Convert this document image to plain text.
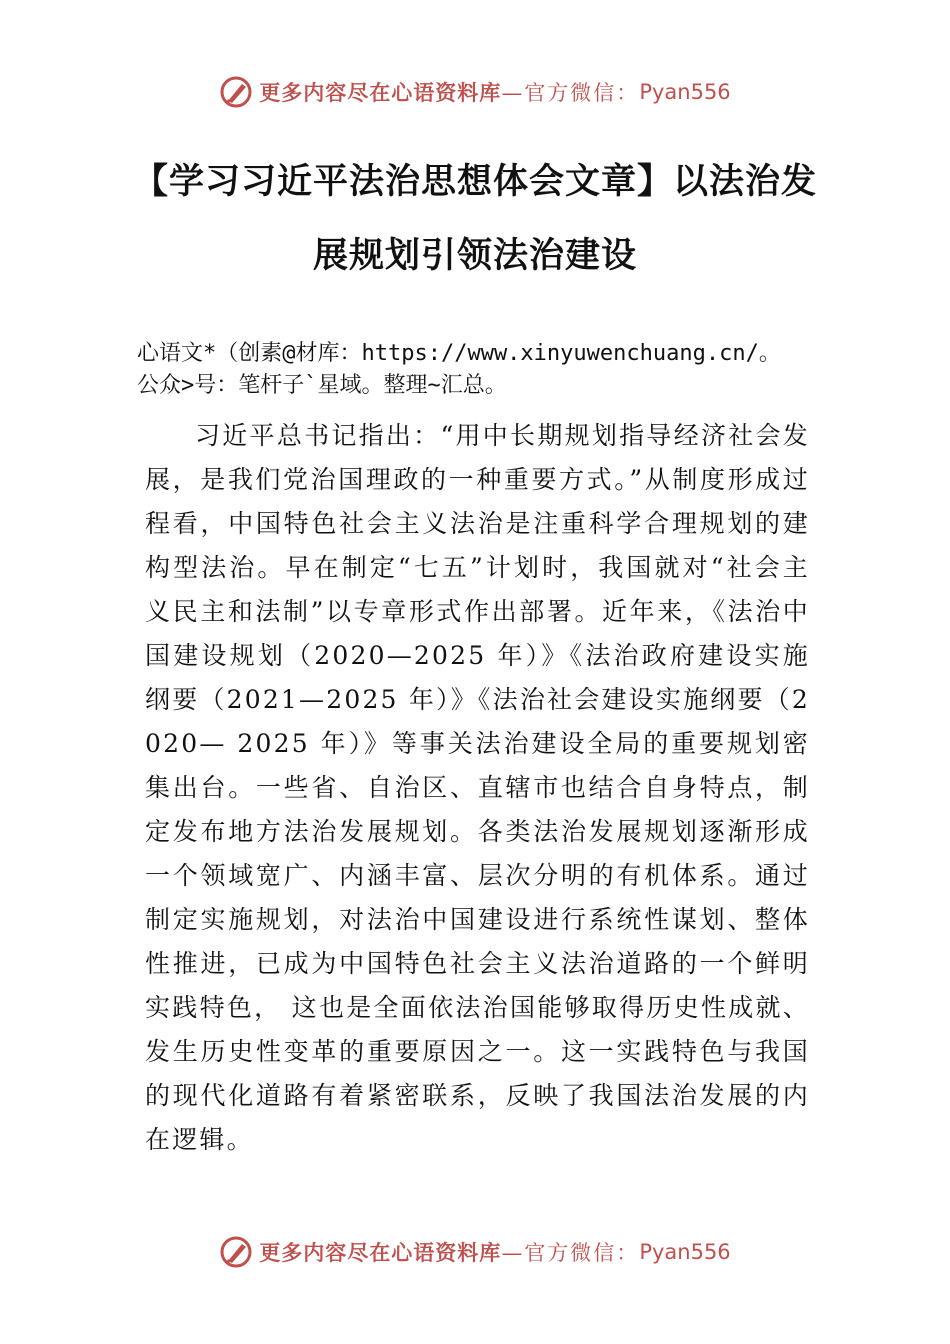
更多内容尽在心语资料库 —官方微信： Pyan556
【学习习近平法治思想体会文章】以法治发
展规划引领法治建设
心语文*（创素@材库：https://www.xinyuwenchuang.cn/。
公众>号：笔杆子`星域。整理~汇总。

习近平总书记指出：“用中长期规划指导经济社会发展，是我们党治国理政的一种重要方式。”从制度形成过程看，中国特色社会主义法治是注重科学合理规划的建构型法治。早在制定“七五”计划时，我国就对“社会主义民主和法制”以专章形式作出部署。近年来，《法治中国建设规划（2020—2025 年）》《法治政府建设实施纲要（2021—2025 年）》《法治社会建设实施纲要（2020— 2025 年）》等事关法治建设全局的重要规划密集出台。一些省、自治区、直辖市也结合自身特点，制定发布地方法治发展规划。各类法治发展规划逐渐形成一个领域宽广、内涵丰富、层次分明的有机体系。通过制定实施规划，对法治中国建设进行系统性谋划、整体性推进，已成为中国特色社会主义法治道路的一个鲜明实践特色， 这也是全面依法治国能够取得历史性成就、发生历史性变革的重要原因之一。这一实践特色与我国的现代化道路有着紧密联系，反映了我国法治发展的内在逻辑。

更多内容尽在心语资料库 —官方微信： Pyan556
